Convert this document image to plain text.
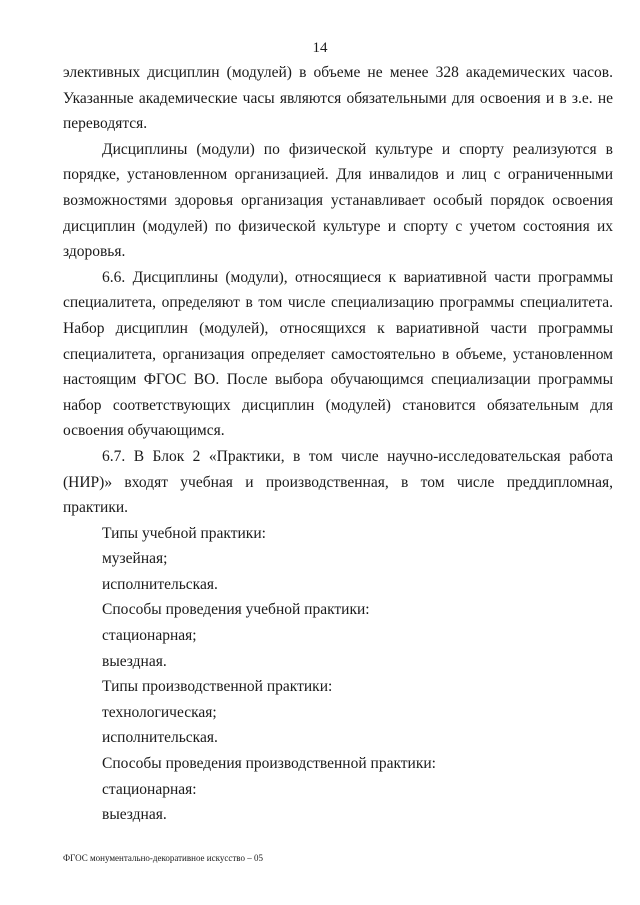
14

элективных дисциплин (модулей) в объеме не менее 328 академических часов. Указанные академические часы являются обязательными для освоения и в з.е. не переводятся.

Дисциплины (модули) по физической культуре и спорту реализуются в порядке, установленном организацией. Для инвалидов и лиц с ограниченными возможностями здоровья организация устанавливает особый порядок освоения дисциплин (модулей) по физической культуре и спорту с учетом состояния их здоровья.

6.6. Дисциплины (модули), относящиеся к вариативной части программы специалитета, определяют в том числе специализацию программы специалитета. Набор дисциплин (модулей), относящихся к вариативной части программы специалитета, организация определяет самостоятельно в объеме, установленном настоящим ФГОС ВО. После выбора обучающимся специализации программы набор соответствующих дисциплин (модулей) становится обязательным для освоения обучающимся.

6.7. В Блок 2 «Практики, в том числе научно-исследовательская работа (НИР)» входят учебная и производственная, в том числе преддипломная, практики.

Типы учебной практики:

музейная;

исполнительская.

Способы проведения учебной практики:

стационарная;

выездная.

Типы производственной практики:

технологическая;

исполнительская.

Способы проведения производственной практики:

стационарная:

выездная.

ФГОС монументально-декоративное искусство – 05
